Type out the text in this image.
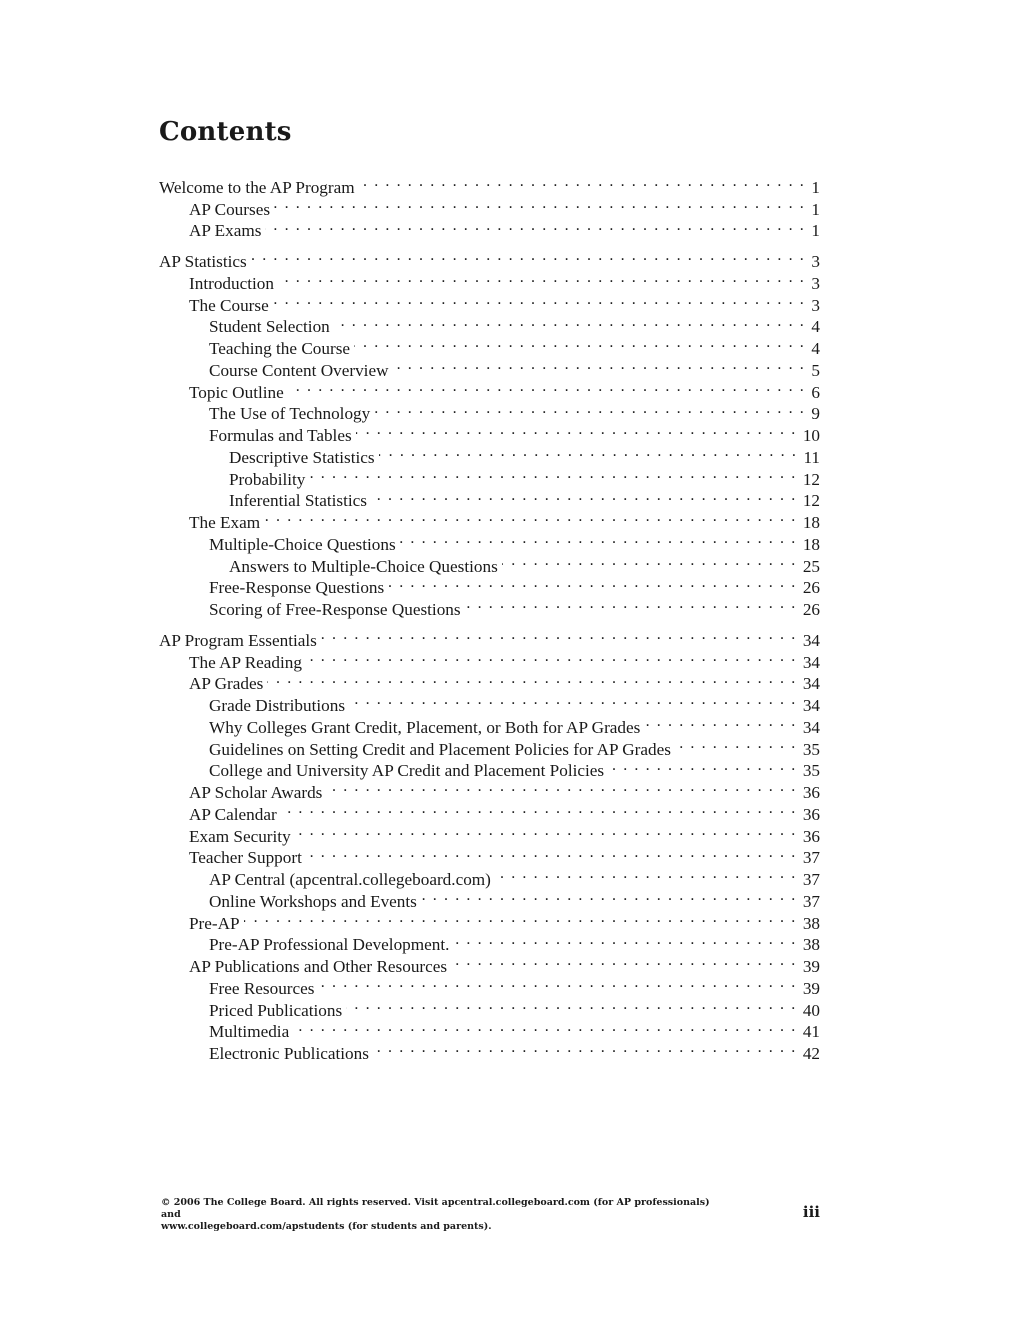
Contents
Welcome to the AP Program . . .	1
AP Courses . . .	1
AP Exams . . .	1
AP Statistics . . .	3
Introduction . . .	3
The Course . . .	3
Student Selection . . .	4
Teaching the Course . . .	4
Course Content Overview . . .	5
Topic Outline . . .	6
The Use of Technology . . .	9
Formulas and Tables . . .	10
Descriptive Statistics . . .	11
Probability . . .	12
Inferential Statistics . . .	12
The Exam . . .	18
Multiple-Choice Questions . . .	18
Answers to Multiple-Choice Questions . . .	25
Free-Response Questions . . .	26
Scoring of Free-Response Questions . . .	26
AP Program Essentials . . .	34
The AP Reading . . .	34
AP Grades . . .	34
Grade Distributions . . .	34
Why Colleges Grant Credit, Placement, or Both for AP Grades . . .	34
Guidelines on Setting Credit and Placement Policies for AP Grades . . .	35
College and University AP Credit and Placement Policies . . .	35
AP Scholar Awards . . .	36
AP Calendar . . .	36
Exam Security . . .	36
Teacher Support . . .	37
AP Central (apcentral.collegeboard.com) . . .	37
Online Workshops and Events . . .	37
Pre-AP . . .	38
Pre-AP Professional Development. . . .	38
AP Publications and Other Resources . . .	39
Free Resources . . .	39
Priced Publications . . .	40
Multimedia . . .	41
Electronic Publications . . .	42

© 2006 The College Board. All rights reserved. Visit apcentral.collegeboard.com (for AP professionals) and
www.collegeboard.com/apstudents (for students and parents).

iii
